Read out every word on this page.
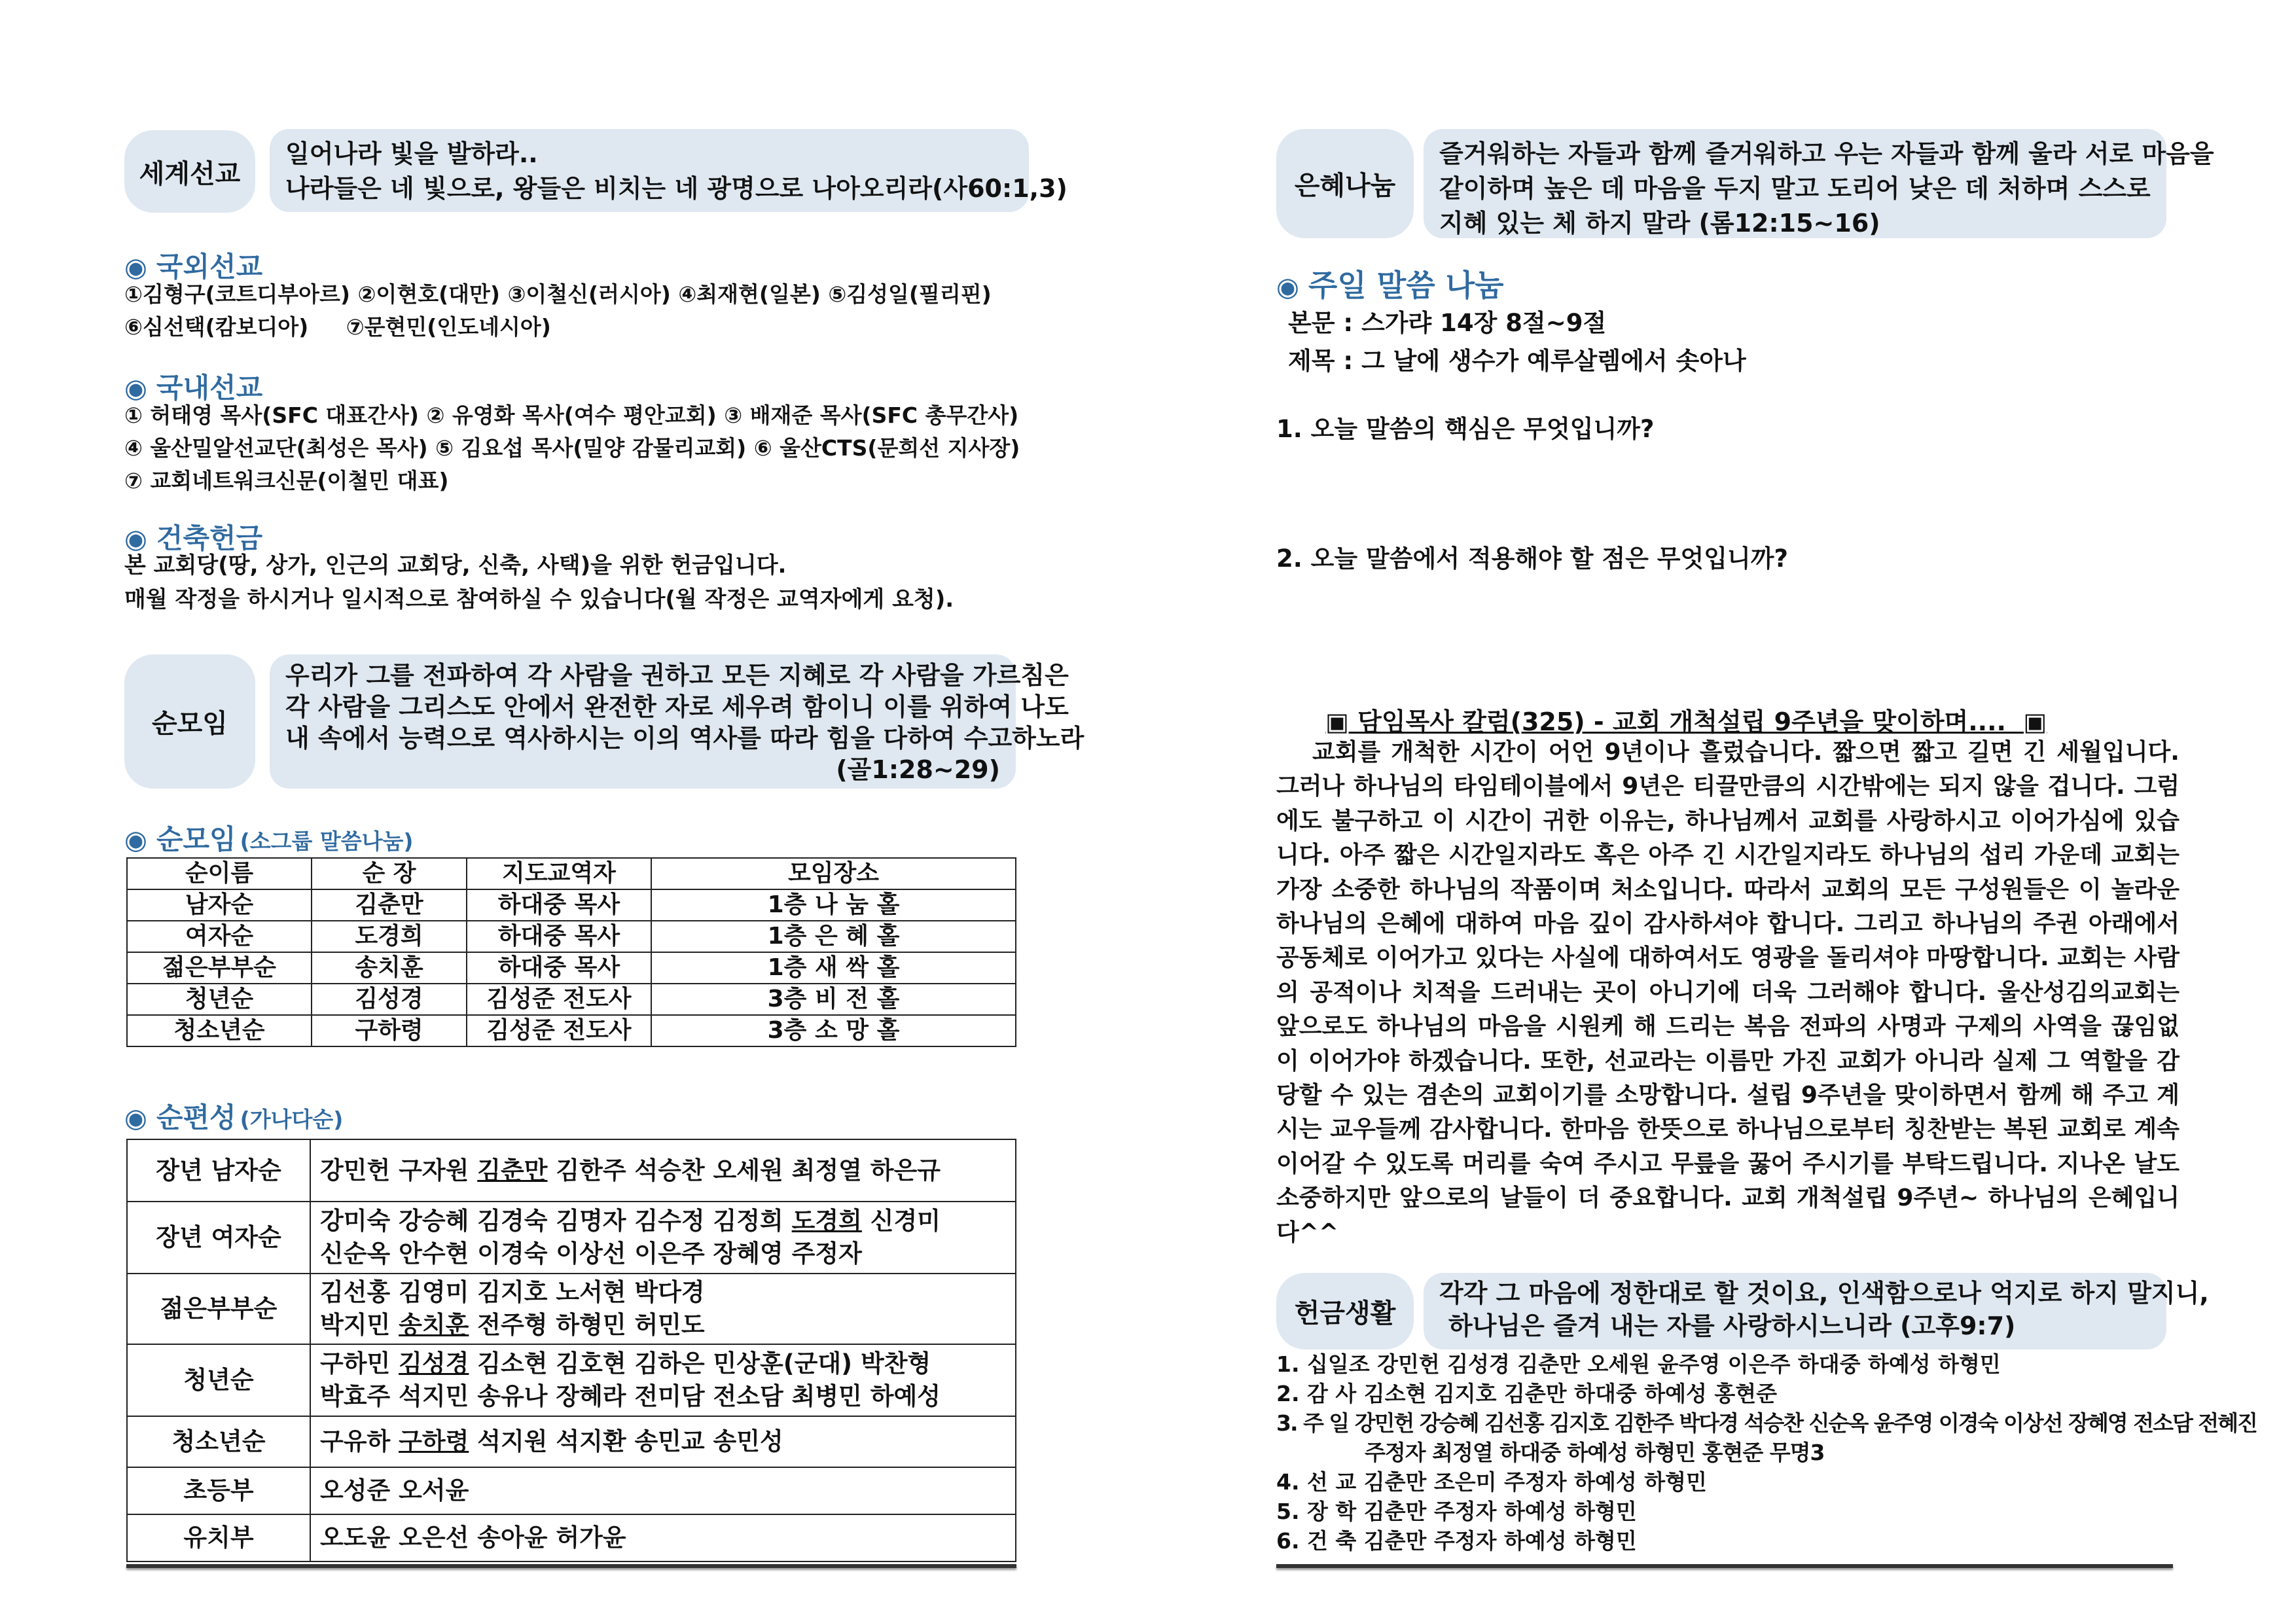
세계선교
일어나라 빛을 발하라..
나라들은 네 빛으로, 왕들은 비치는 네 광명으로 나아오리라(사60:1,3)
◉ 국외선교
①김형구(코트디부아르) ②이현호(대만) ③이철신(러시아) ④최재현(일본) ⑤김성일(필리핀)
⑥심선택(캄보디아)     ⑦문현민(인도네시아)
◉ 국내선교
① 허태영 목사(SFC 대표간사) ② 유영화 목사(여수 평안교회) ③ 배재준 목사(SFC 총무간사)
④ 울산밀알선교단(최성은 목사) ⑤ 김요섭 목사(밀양 감물리교회) ⑥ 울산CTS(문희선 지사장)
⑦ 교회네트워크신문(이철민 대표)
◉ 건축헌금
본 교회당(땅, 상가, 인근의 교회당, 신축, 사택)을 위한 헌금입니다.
매월 작정을 하시거나 일시적으로 참여하실 수 있습니다(월 작정은 교역자에게 요청).
순모임
우리가 그를 전파하여 각 사람을 권하고 모든 지혜로 각 사람을 가르침은
각 사람을 그리스도 안에서 완전한 자로 세우려 함이니 이를 위하여 나도
내 속에서 능력으로 역사하시는 이의 역사를 따라 힘을 다하여 수고하노라
(골1:28~29)
◉ 순모임 (소그룹 말씀나눔)
순이름	순 장	지도교역자	모임장소
남자순	김춘만	하대중 목사	1층 나 눔 홀
여자순	도경희	하대중 목사	1층 은 혜 홀
젊은부부순	송치훈	하대중 목사	1층 새 싹 홀
청년순	김성경	김성준 전도사	3층 비 전 홀
청소년순	구하령	김성준 전도사	3층 소 망 홀
◉ 순편성 (가나다순)
장년 남자순	강민헌 구자원 김춘만 김한주 석승찬 오세원 최정열 하은규

장년 여자순	강미숙 강승혜 김경숙 김명자 김수정 김정희 도경희 신경미
신순옥 안수현 이경숙 이상선 이은주 장혜영 주정자

젊은부부순	김선홍 김영미 김지호 노서현 박다경
박지민 송치훈 전주형 하형민 허민도

청년순	구하민 김성경 김소현 김호현 김하은 민상훈(군대) 박찬형
박효주 석지민 송유나 장혜라 전미담 전소담 최병민 하예성

청소년순	구유하 구하령 석지원 석지환 송민교 송민성

초등부	오성준 오서윤

유치부	오도윤 오은선 송아윤 허가윤
은혜나눔
즐거워하는 자들과 함께 즐거워하고 우는 자들과 함께 울라 서로 마음을
같이하며 높은 데 마음을 두지 말고 도리어 낮은 데 처하며 스스로
지혜 있는 체 하지 말라 (롬12:15~16)
◉ 주일 말씀 나눔
본문 : 스가랴 14장 8절~9절
제목 : 그 날에 생수가 예루살렘에서 솟아나
1. 오늘 말씀의 핵심은 무엇입니까?
2. 오늘 말씀에서 적용해야 할 점은 무엇입니까?
▣ 담임목사 칼럼(325) - 교회 개척설립 9주년을 맞이하며....  ▣
교회를 개척한 시간이 어언 9년이나 흘렀습니다. 짧으면 짧고 길면 긴 세월입니다. 그러나 하나님의 타임테이블에서 9년은 티끌만큼의 시간밖에는 되지 않을 겁니다. 그럼에도 불구하고 이 시간이 귀한 이유는, 하나님께서 교회를 사랑하시고 이어가심에 있습니다. 아주 짧은 시간일지라도 혹은 아주 긴 시간일지라도 하나님의 섭리 가운데 교회는 가장 소중한 하나님의 작품이며 처소입니다. 따라서 교회의 모든 구성원들은 이 놀라운 하나님의 은혜에 대하여 마음 깊이 감사하셔야 합니다. 그리고 하나님의 주권 아래에서 공동체로 이어가고 있다는 사실에 대하여서도 영광을 돌리셔야 마땅합니다. 교회는 사람의 공적이나 치적을 드러내는 곳이 아니기에 더욱 그러해야 합니다. 울산성김의교회는 앞으로도 하나님의 마음을 시원케 해 드리는 복음 전파의 사명과 구제의 사역을 끊임없이 이어가야 하겠습니다. 또한, 선교라는 이름만 가진 교회가 아니라 실제 그 역할을 감당할 수 있는 겸손의 교회이기를 소망합니다. 설립 9주년을 맞이하면서 함께 해 주고 계시는 교우들께 감사합니다. 한마음 한뜻으로 하나님으로부터 칭찬받는 복된 교회로 계속 이어갈 수 있도록 머리를 숙여 주시고 무릎을 꿇어 주시기를 부탁드립니다. 지나온 날도 소중하지만 앞으로의 날들이 더 중요합니다. 교회 개척설립 9주년~ 하나님의 은혜입니다^^
헌금생활
각각 그 마음에 정한대로 할 것이요, 인색함으로나 억지로 하지 말지니,
하나님은 즐겨 내는 자를 사랑하시느니라 (고후9:7)
1. 십일조 강민헌 김성경 김춘만 오세원 윤주영 이은주 하대중 하예성 하형민
2. 감 사 김소현 김지호 김춘만 하대중 하예성 홍현준
3. 주 일 강민헌 강승혜 김선홍 김지호 김한주 박다경 석승찬 신순옥 윤주영 이경숙 이상선 장혜영 전소담 전혜진
주정자 최정열 하대중 하예성 하형민 홍현준 무명3
4. 선 교 김춘만 조은미 주정자 하예성 하형민
5. 장 학 김춘만 주정자 하예성 하형민
6. 건 축 김춘만 주정자 하예성 하형민
